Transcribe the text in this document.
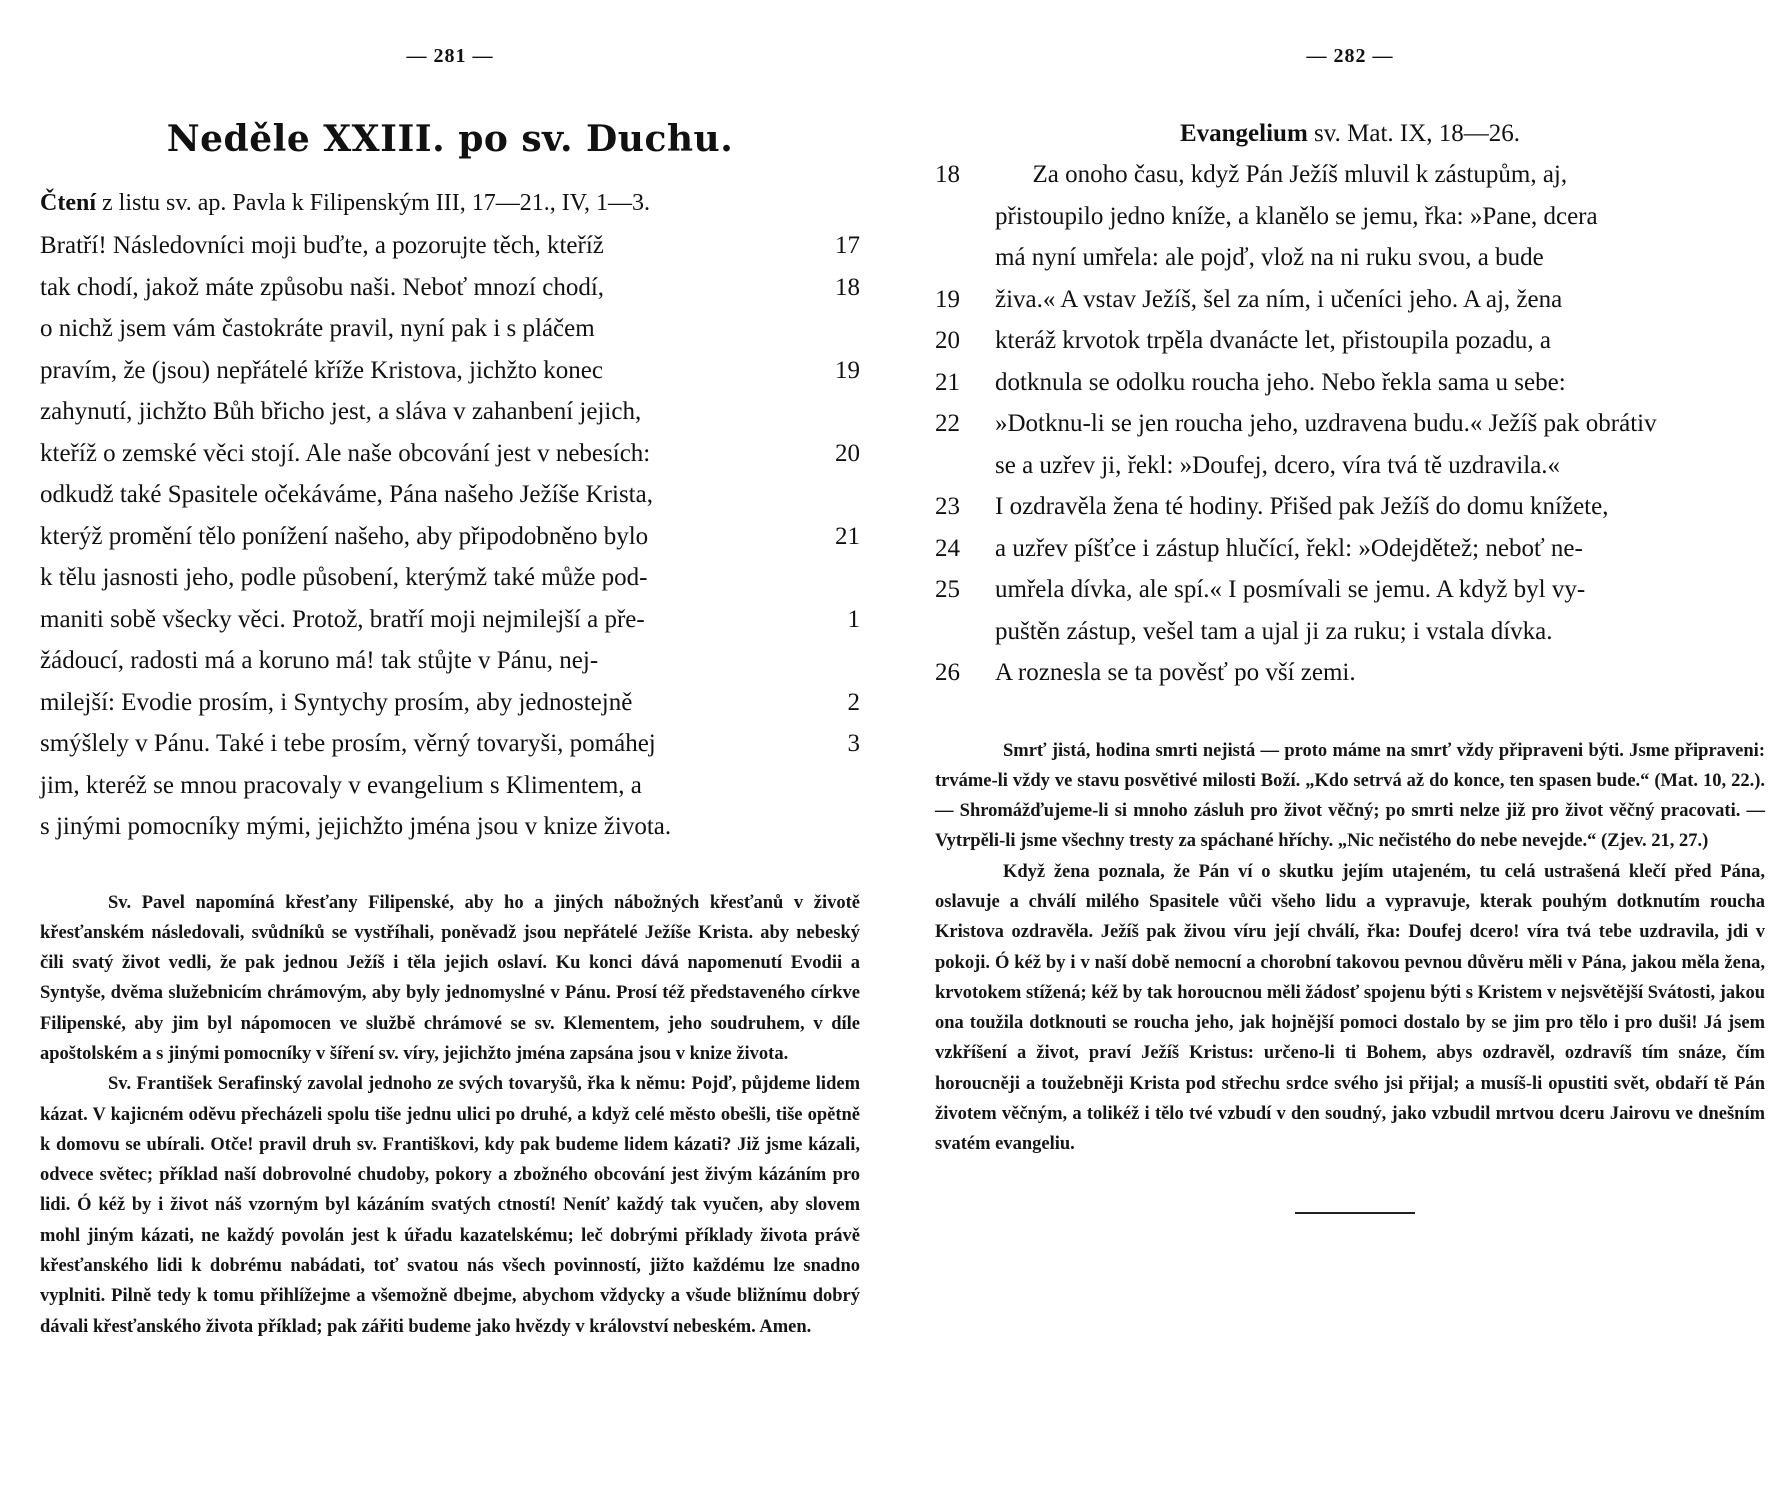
— 281 —
Neděle XXIII. po sv. Duchu.
Čtení z listu sv. ap. Pavla k Filipenským III, 17—21., IV, 1—3.
Bratří! Následovníci moji buďte, a pozorujte těch, kteříž	17
tak chodí, jakož máte způsobu naši. Neboť mnozí chodí,	18
o nichž jsem vám častokráte pravil, nyní pak i s pláčem
pravím, že (jsou) nepřátelé kříže Kristova, jichžto konec	19
zahynutí, jichžto Bůh břicho jest, a sláva v zahanbení jejich,
kteříž o zemské věci stojí. Ale naše obcování jest v nebesích:	20
odkudž také Spasitele očekáváme, Pána našeho Ježíše Krista,
kterýž promění tělo ponížení našeho, aby připodobněno bylo	21
k tělu jasnosti jeho, podle působení, kterýmž také může pod-
maniti sobě všecky věci. Protož, bratří moji nejmilejší a pře-	1
žádoucí, radosti má a koruno má! tak stůjte v Pánu, nej-
milejší: Evodie prosím, i Syntychy prosím, aby jednostejně	2
smýšlely v Pánu. Také i tebe prosím, věrný tovaryši, pomáhej	3
jim, kteréž se mnou pracovaly v evangelium s Klimentem, a
s jinými pomocníky mými, jejichžto jména jsou v knize života.

Sv. Pavel napomíná křesťany Filipenské, aby ho a jiných nábožných křesťanů v životě křesťanském následovali, svůdníků se vystříhali, poněvadž jsou nepřátelé Ježíše Krista. aby nebeský čili svatý život vedli, že pak jednou Ježíš i těla jejich oslaví. Ku konci dává napomenutí Evodii a Syntyše, dvěma služebnicím chrámovým, aby byly jednomyslné v Pánu. Prosí též představeného církve Filipenské, aby jim byl nápomocen ve službě chrámové se sv. Klementem, jeho soudruhem, v díle apoštolském a s jinými pomocníky v šíření sv. víry, jejichžto jména zapsána jsou v knize života.

Sv. František Serafinský zavolal jednoho ze svých tovaryšů, řka k němu: Pojď, půjdeme lidem kázat. V kajicném oděvu přecházeli spolu tiše jednu ulici po druhé, a když celé město obešli, tiše opětně k domovu se ubírali. Otče! pravil druh sv. Františkovi, kdy pak budeme lidem kázati? Již jsme kázali, odvece světec; příklad naší dobrovolné chudoby, pokory a zbožného obcování jest živým kázáním pro lidi. Ó kéž by i život náš vzorným byl kázáním svatých ctností! Neníť každý tak vyučen, aby slovem mohl jiným kázati, ne každý povolán jest k úřadu kazatelskému; leč dobrými příklady života právě křesťanského lidi k dobrému nabádati, toť svatou nás všech povinností, jižto každému lze snadno vyplniti. Pilně tedy k tomu přihlížejme a všemožně dbejme, abychom vždycky a všude bližnímu dobrý dávali křesťanského života příklad; pak zářiti budeme jako hvězdy v království nebeském. Amen.

— 282 —
Evangelium sv. Mat. IX, 18—26.
18	Za onoho času, když Pán Ježíš mluvil k zástupům, aj,
přistoupilo jedno kníže, a klanělo se jemu, řka: »Pane, dcera
má nyní umřela: ale pojď, vlož na ni ruku svou, a bude
19	živa.« A vstav Ježíš, šel za ním, i učeníci jeho. A aj, žena
20	kteráž krvotok trpěla dvanácte let, přistoupila pozadu, a
21	dotknula se odolku roucha jeho. Nebo řekla sama u sebe:
22	»Dotknu-li se jen roucha jeho, uzdravena budu.« Ježíš pak obrátiv
se a uzřev ji, řekl: »Doufej, dcero, víra tvá tě uzdravila.«
23	I ozdravěla žena té hodiny. Přišed pak Ježíš do domu knížete,
24	a uzřev píšťce i zástup hlučící, řekl: »Odejdětež; neboť ne-
25	umřela dívka, ale spí.« I posmívali se jemu. A když byl vy-
puštěn zástup, vešel tam a ujal ji za ruku; i vstala dívka.
26	A roznesla se ta pověsť po vší zemi.

Smrť jistá, hodina smrti nejistá — proto máme na smrť vždy připraveni býti. Jsme připraveni: trváme-li vždy ve stavu posvětivé milosti Boží. „Kdo setrvá až do konce, ten spasen bude.“ (Mat. 10, 22.). — Shromážďujeme-li si mnoho zásluh pro život věčný; po smrti nelze již pro život věčný pracovati. — Vytrpěli-li jsme všechny tresty za spáchané hříchy. „Nic nečistého do nebe nevejde.“ (Zjev. 21, 27.)

Když žena poznala, že Pán ví o skutku jejím utajeném, tu celá ustrašená klečí před Pána, oslavuje a chválí milého Spasitele vůči všeho lidu a vypravuje, kterak pouhým dotknutím roucha Kristova ozdravěla. Ježíš pak živou víru její chválí, řka: Doufej dcero! víra tvá tebe uzdravila, jdi v pokoji. Ó kéž by i v naší době nemocní a chorobní takovou pevnou důvěru měli v Pána, jakou měla žena, krvotokem stížená; kéž by tak horoucnou měli žádosť spojenu býti s Kristem v nejsvětější Svátosti, jakou ona toužila dotknouti se roucha jeho, jak hojnější pomoci dostalo by se jim pro tělo i pro duši! Já jsem vzkříšení a život, praví Ježíš Kristus: určeno-li ti Bohem, abys ozdravěl, ozdravíš tím snáze, čím horoucněji a toužebněji Krista pod střechu srdce svého jsi přijal; a musíš-li opustiti svět, obdaří tě Pán životem věčným, a tolikéž i tělo tvé vzbudí v den soudný, jako vzbudil mrtvou dceru Jairovu ve dnešním svatém evangeliu.
